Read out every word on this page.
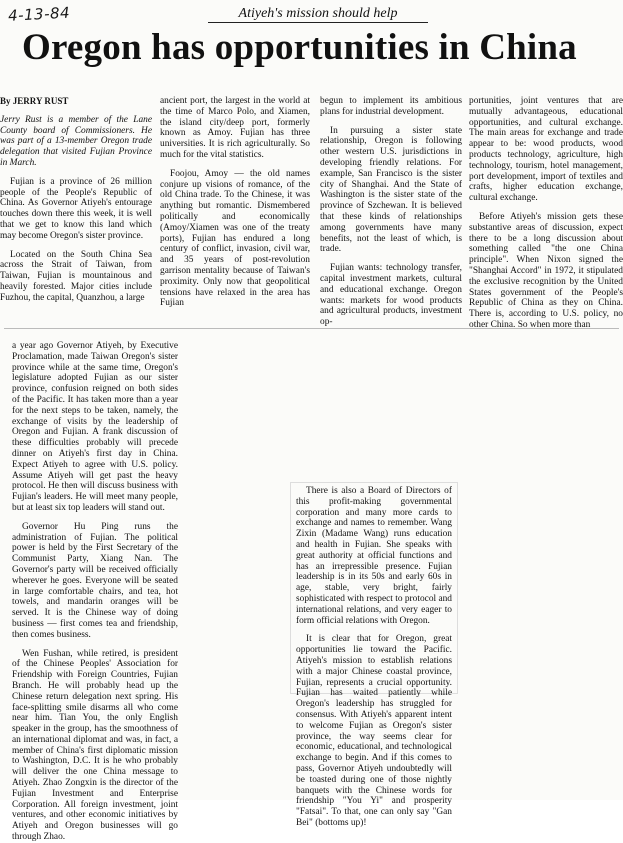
4-13-84	Atiyeh's mission should help
Oregon has opportunities in China

By JERRY RUST

Jerry Rust is a member of the Lane County board of Commissioners. He was part of a 13-member Oregon trade delegation that visited Fujian Province in March.

Fujian is a province of 26 million people of the People's Republic of China. As Governor Atiyeh's entourage touches down there this week, it is well that we get to know this land which may become Oregon's sister province.

Located on the South China Sea across the Strait of Taiwan, from Taiwan, Fujian is mountainous and heavily forested. Major cities include Fuzhou, the capital, Quanzhou, a large

ancient port, the largest in the world at the time of Marco Polo, and Xiamen, the island city/deep port, formerly known as Amoy. Fujian has three universities. It is rich agriculturally. So much for the vital statistics.

Foojou, Amoy — the old names conjure up visions of romance, of the old China trade. To the Chinese, it was anything but romantic. Dismembered politically and economically (Amoy/Xiamen was one of the treaty ports), Fujian has endured a long century of conflict, invasion, civil war, and 35 years of post-revolution garrison mentality because of Taiwan's proximity. Only now that geopolitical tensions have relaxed in the area has Fujian

begun to implement its ambitious plans for industrial development.

In pursuing a sister state relationship, Oregon is following other western U.S. jurisdictions in developing friendly relations. For example, San Francisco is the sister city of Shanghai. And the State of Washington is the sister state of the province of Szchewan. It is believed that these kinds of relationships among governments have many benefits, not the least of which, is trade.

Fujian wants: technology transfer, capital investment markets, cultural and educational exchange. Oregon wants: markets for wood products and agricultural products, investment op-

portunities, joint ventures that are mutually advantageous, educational opportunities, and cultural exchange. The main areas for exchange and trade appear to be: wood products, wood products technology, agriculture, high technology, tourism, hotel management, port development, import of textiles and crafts, higher education exchange, cultural exchange.

Before Atiyeh's mission gets these substantive areas of discussion, expect there to be a long discussion about something called "the one China principle". When Nixon signed the "Shanghai Accord" in 1972, it stipulated the exclusive recognition by the United States government of the People's Republic of China as they on China. There is, according to U.S. policy, no other China. So when more than

a year ago Governor Atiyeh, by Executive Proclamation, made Taiwan Oregon's sister province while at the same time, Oregon's legislature adopted Fujian as our sister province, confusion reigned on both sides of the Pacific. It has taken more than a year for the next steps to be taken, namely, the exchange of visits by the leadership of Oregon and Fujian. A frank discussion of these difficulties probably will precede dinner on Atiyeh's first day in China. Expect Atiyeh to agree with U.S. policy. Assume Atiyeh will get past the heavy protocol. He then will discuss business with Fujian's leaders. He will meet many people, but at least six top leaders will stand out.

Governor Hu Ping runs the administration of Fujian. The political power is held by the First Secretary of the Communist Party, Xiang Nan. The Governor's party will be received officially wherever he goes. Everyone will be seated in large comfortable chairs, and tea, hot towels, and mandarin oranges will be served. It is the Chinese way of doing business — first comes tea and friendship, then comes business.

Wen Fushan, while retired, is president of the Chinese Peoples' Association for Friendship with Foreign Countries, Fujian Branch. He will probably head up the Chinese return delegation next spring. His face-splitting smile disarms all who come near him. Tian You, the only English speaker in the group, has the smoothness of an international diplomat and was, in fact, a member of China's first diplomatic mission to Washington, D.C. It is he who probably will deliver the one China message to Atiyeh. Zhao Zongxin is the director of the Fujian Investment and Enterprise Corporation. All foreign investment, joint ventures, and other economic initiatives by Atiyeh and Oregon businesses will go through Zhao.

There is also a Board of Directors of this profit-making governmental corporation and many more cards to exchange and names to remember. Wang Zixin (Madame Wang) runs education and health in Fujian. She speaks with great authority at official functions and has an irrepressible presence. Fujian leadership is in its 50s and early 60s in age, stable, very bright, fairly sophisticated with respect to protocol and international relations, and very eager to form official relations with Oregon.

It is clear that for Oregon, great opportunities lie toward the Pacific. Atiyeh's mission to establish relations with a major Chinese coastal province, Fujian, represents a crucial opportunity. Fujian has waited patiently while Oregon's leadership has struggled for consensus. With Atiyeh's apparent intent to welcome Fujian as Oregon's sister province, the way seems clear for economic, educational, and technological exchange to begin. And if this comes to pass, Governor Atiyeh undoubtedly will be toasted during one of those nightly banquets with the Chinese words for friendship "You Yi" and prosperity "Fatsai". To that, one can only say "Gan Bei" (bottoms up)!
